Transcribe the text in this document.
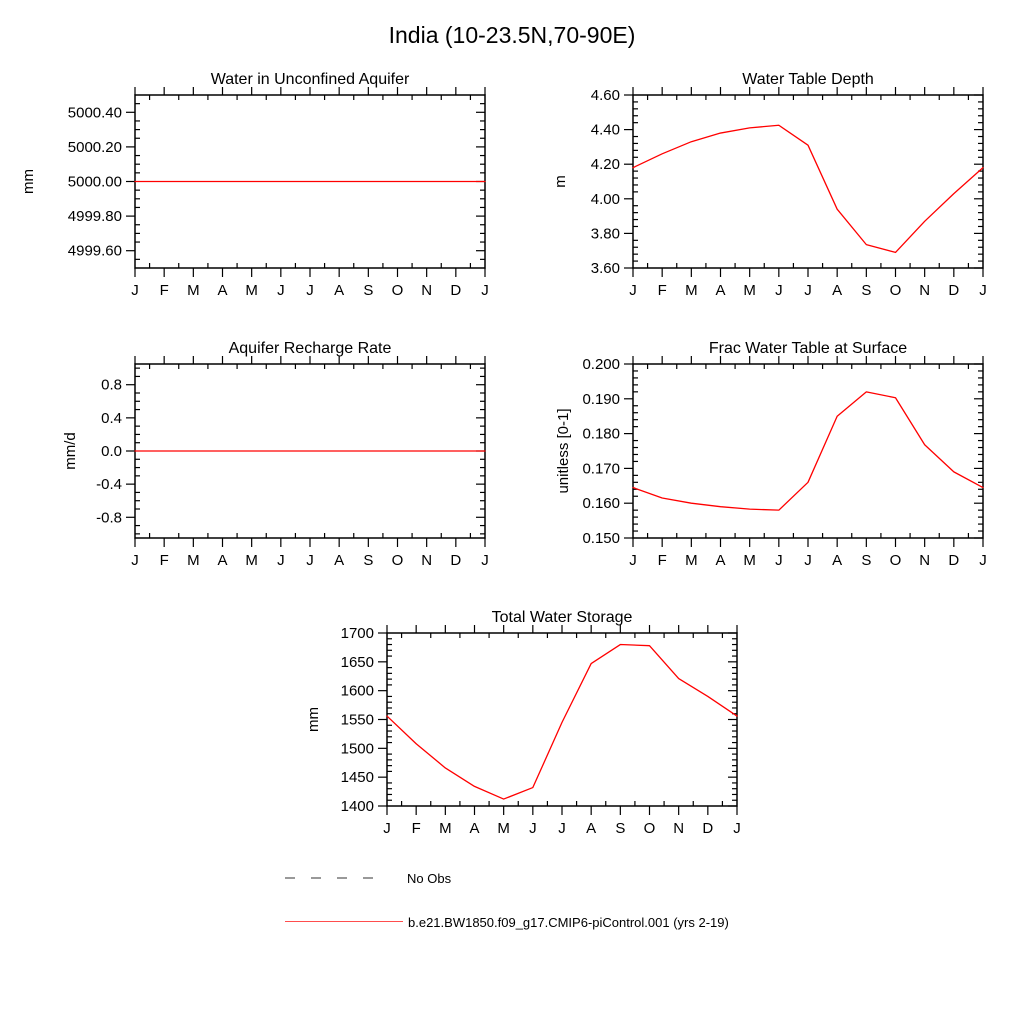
India (10-23.5N,70-90E)
Water in Unconfined Aquifer
mm
4999.60
4999.80
5000.00
5000.20
5000.40
J F M A M J J A S O N D J
Water Table Depth
m
3.60
3.80
4.00
4.20
4.40
4.60
J F M A M J J A S O N D J
Aquifer Recharge Rate
mm/d
-0.8
-0.4
0.0
0.4
0.8
J F M A M J J A S O N D J
Frac Water Table at Surface
unitless [0-1]
0.150
0.160
0.170
0.180
0.190
0.200
J F M A M J J A S O N D J
Total Water Storage
mm
1400
1450
1500
1550
1600
1650
1700
J F M A M J J A S O N D J
No Obs
b.e21.BW1850.f09_g17.CMIP6-piControl.001 (yrs 2-19)
